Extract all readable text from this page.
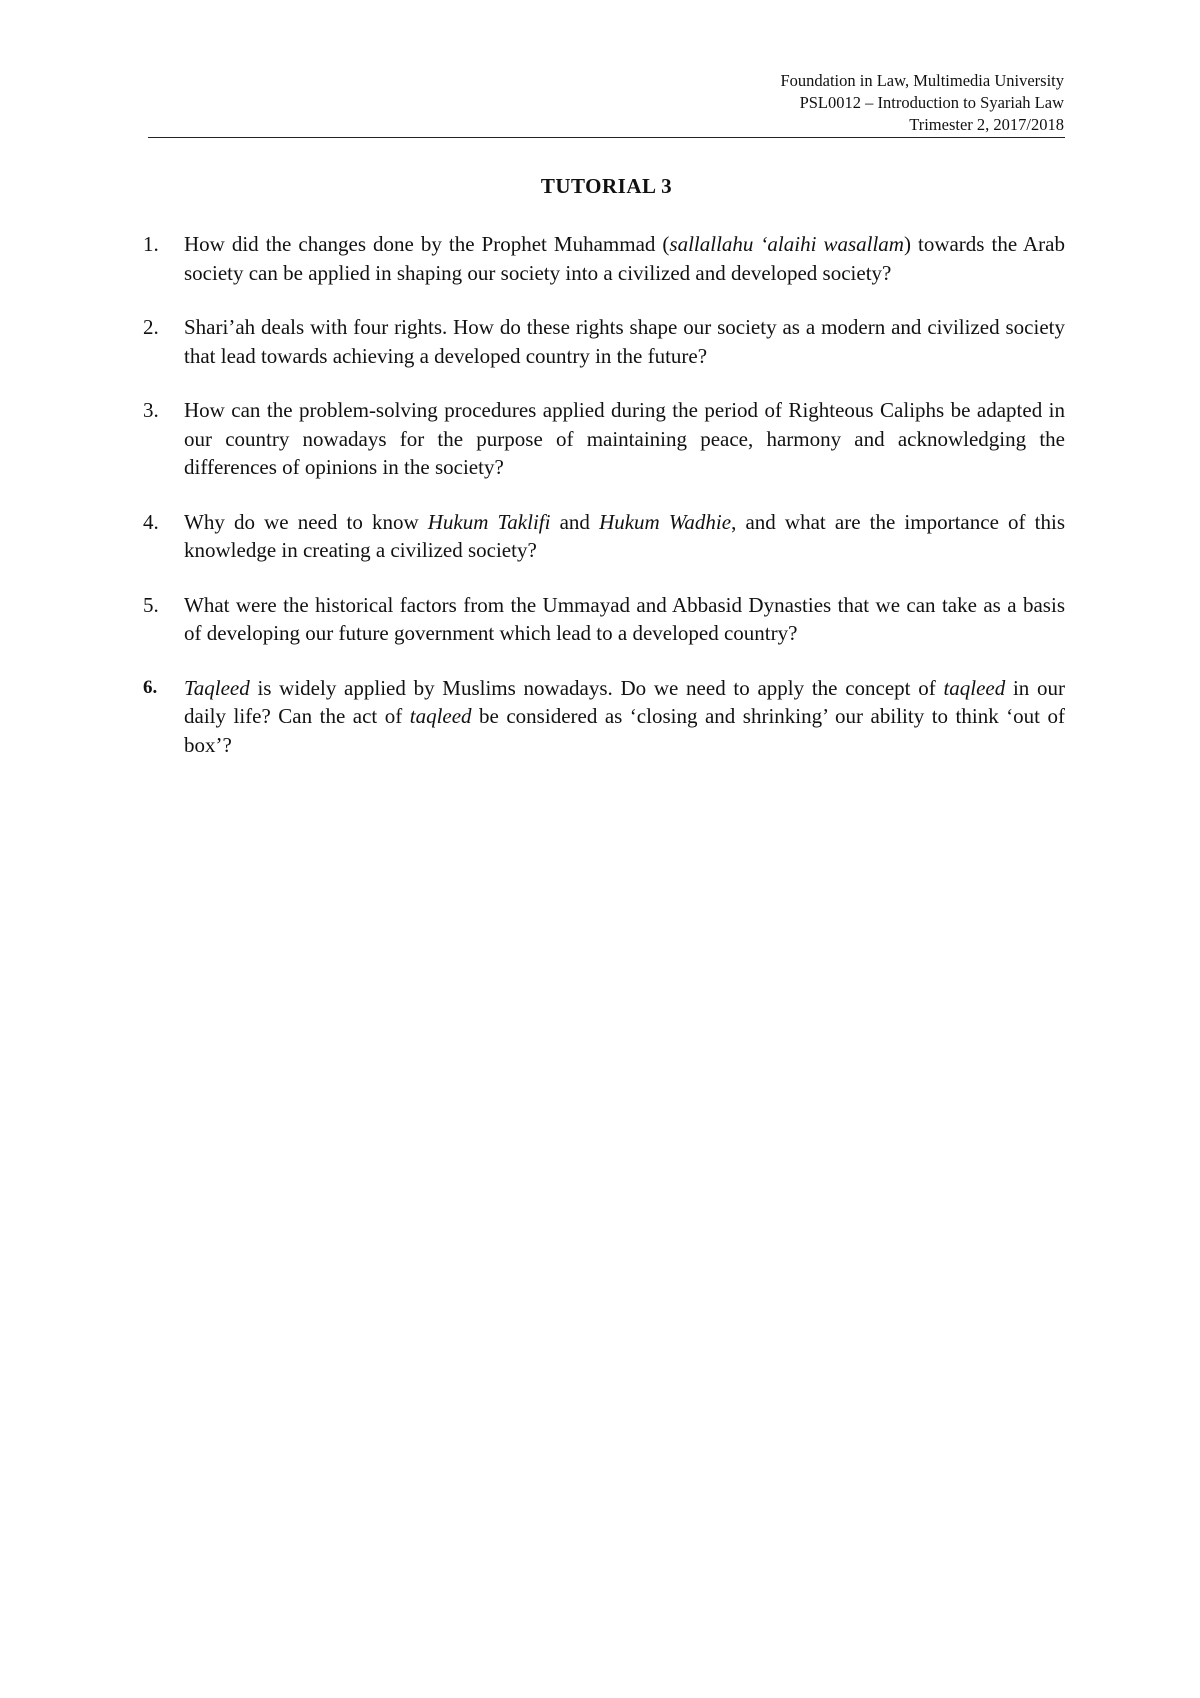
Foundation in Law, Multimedia University
PSL0012 – Introduction to Syariah Law
Trimester 2, 2017/2018
TUTORIAL 3
1. How did the changes done by the Prophet Muhammad (sallallahu ‘alaihi wasallam) towards the Arab society can be applied in shaping our society into a civilized and developed society?
2. Shari’ah deals with four rights. How do these rights shape our society as a modern and civilized society that lead towards achieving a developed country in the future?
3. How can the problem-solving procedures applied during the period of Righteous Caliphs be adapted in our country nowadays for the purpose of maintaining peace, harmony and acknowledging the differences of opinions in the society?
4. Why do we need to know Hukum Taklifi and Hukum Wadhie, and what are the importance of this knowledge in creating a civilized society?
5. What were the historical factors from the Ummayad and Abbasid Dynasties that we can take as a basis of developing our future government which lead to a developed country?
6. Taqleed is widely applied by Muslims nowadays. Do we need to apply the concept of taqleed in our daily life? Can the act of taqleed be considered as ‘closing and shrinking’ our ability to think ‘out of box’?
